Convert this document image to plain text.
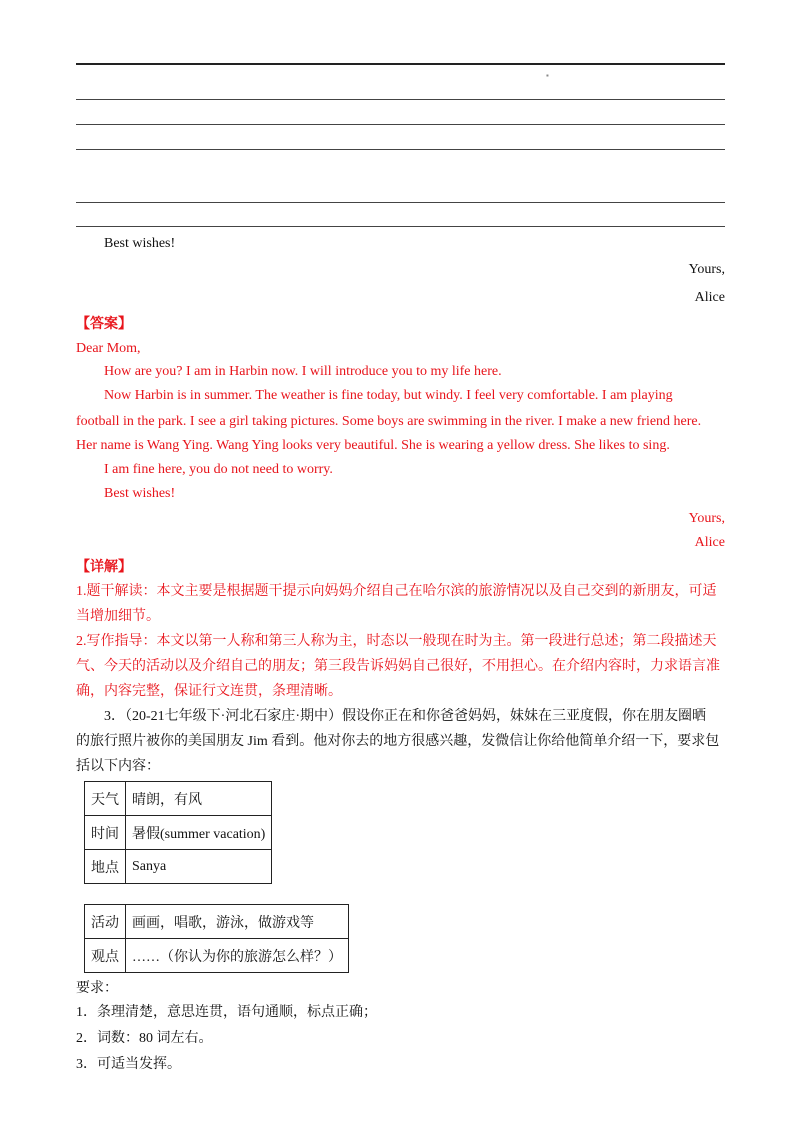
▪
Best wishes!
Yours,
Alice
【答案】
Dear Mom,
How are you? I am in Harbin now. I will introduce you to my life here.
Now Harbin is in summer. The weather is fine today, but windy. I feel very comfortable. I am playing
football in the park. I see a girl taking pictures. Some boys are swimming in the river. I make a new friend here.
Her name is Wang Ying. Wang Ying looks very beautiful. She is wearing a yellow dress. She likes to sing.
I am fine here, you do not need to worry.
Best wishes!
Yours,
Alice
【详解】
1.题干解读：本文主要是根据题干提示向妈妈介绍自己在哈尔滨的旅游情况以及自己交到的新朋友，可适
当增加细节。
2.写作指导：本文以第一人称和第三人称为主，时态以一般现在时为主。第一段进行总述；第二段描述天
气、今天的活动以及介绍自己的朋友；第三段告诉妈妈自己很好，不用担心。在介绍内容时，力求语言准
确，内容完整，保证行文连贯，条理清晰。
3．（20-21七年级下·河北石家庄·期中）假设你正在和你爸爸妈妈，妹妹在三亚度假，你在朋友圈晒
的旅行照片被你的美国朋友 Jim 看到。他对你去的地方很感兴趣，发微信让你给他简单介绍一下，要求包
括以下内容：
天气	晴朗，有风
时间	暑假(summer vacation)
地点	Sanya
活动	画画，唱歌，游泳，做游戏等
观点	……（你认为你的旅游怎么样？）
要求：
1．条理清楚，意思连贯，语句通顺，标点正确；
2．词数：80 词左右。
3．可适当发挥。
